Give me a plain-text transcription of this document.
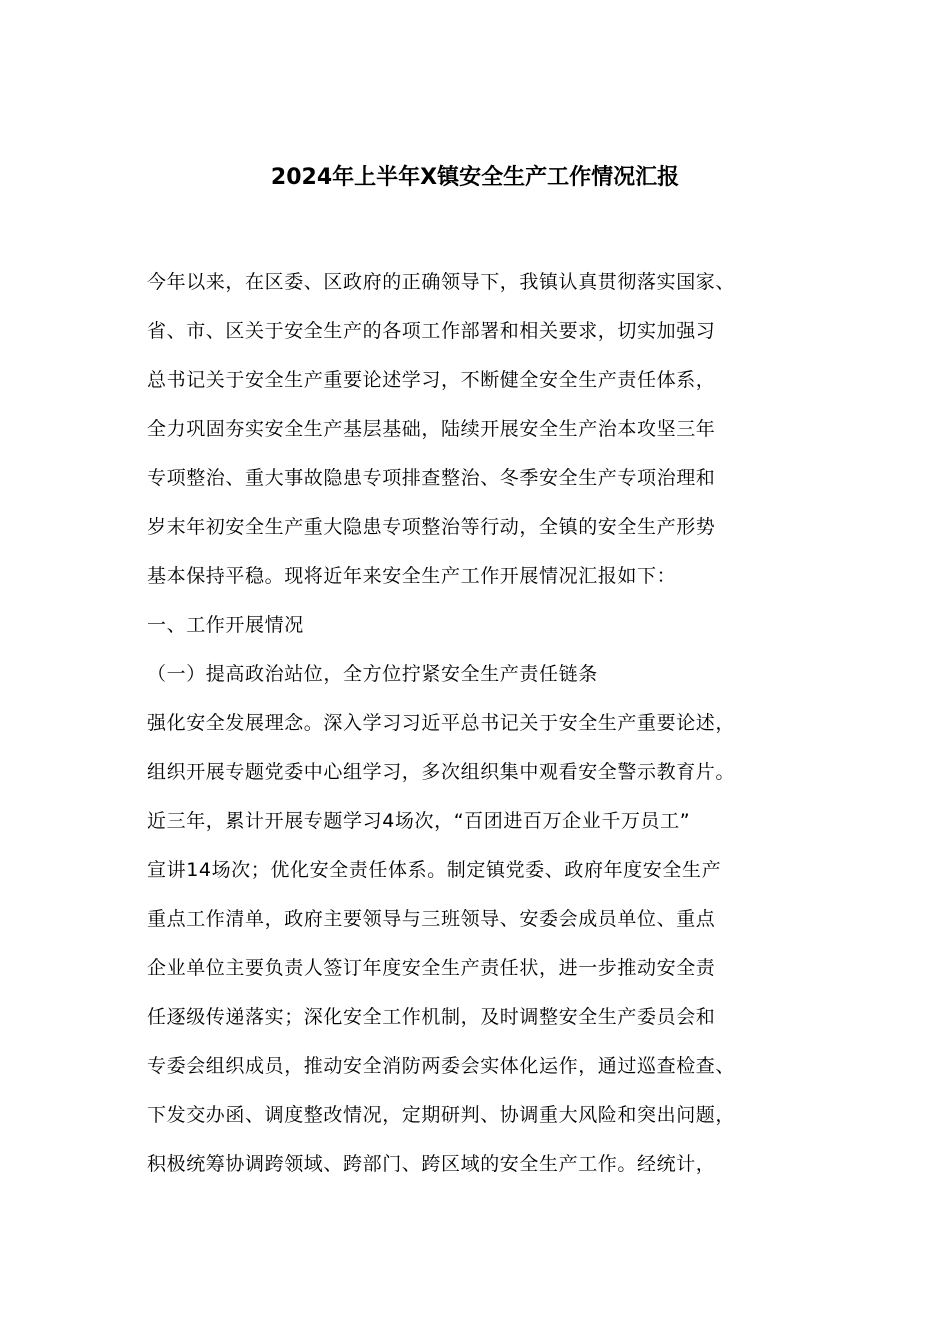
2024年上半年X镇安全生产工作情况汇报
今年以来，在区委、区政府的正确领导下，我镇认真贯彻落实国家、
省、市、区关于安全生产的各项工作部署和相关要求，切实加强习
总书记关于安全生产重要论述学习，不断健全安全生产责任体系，
全力巩固夯实安全生产基层基础，陆续开展安全生产治本攻坚三年
专项整治、重大事故隐患专项排查整治、冬季安全生产专项治理和
岁末年初安全生产重大隐患专项整治等行动，全镇的安全生产形势
基本保持平稳。现将近年来安全生产工作开展情况汇报如下：
一、工作开展情况
（一）提高政治站位，全方位拧紧安全生产责任链条
强化安全发展理念。深入学习习近平总书记关于安全生产重要论述，
组织开展专题党委中心组学习，多次组织集中观看安全警示教育片。
近三年，累计开展专题学习4场次，“百团进百万企业千万员工”
宣讲14场次；优化安全责任体系。制定镇党委、政府年度安全生产
重点工作清单，政府主要领导与三班领导、安委会成员单位、重点
企业单位主要负责人签订年度安全生产责任状，进一步推动安全责
任逐级传递落实；深化安全工作机制，及时调整安全生产委员会和
专委会组织成员，推动安全消防两委会实体化运作，通过巡查检查、
下发交办函、调度整改情况，定期研判、协调重大风险和突出问题，
积极统筹协调跨领域、跨部门、跨区域的安全生产工作。经统计，
